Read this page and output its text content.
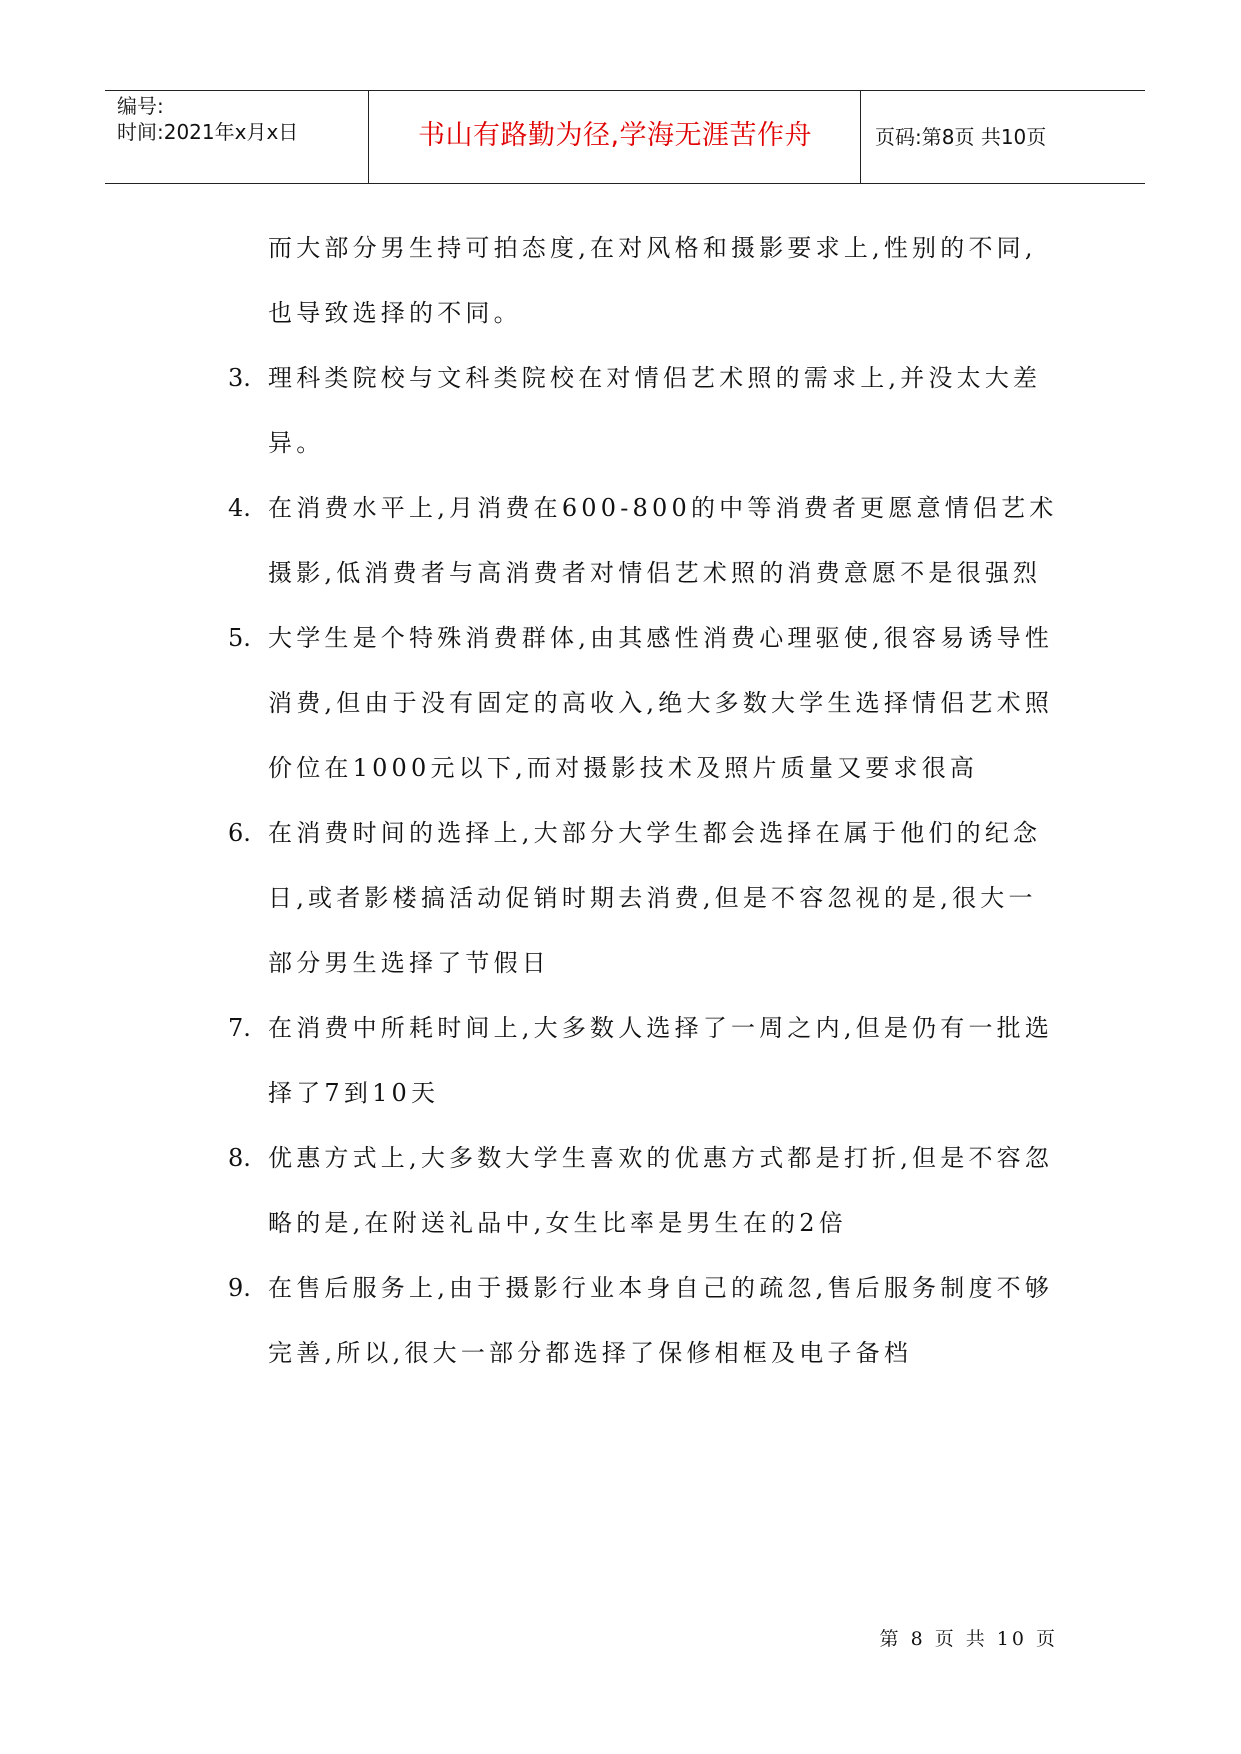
编号:
时间:2021年x月x日	书山有路勤为径,学海无涯苦作舟	页码:第8页 共10页

而大部分男生持可拍态度,在对风格和摄影要求上,性别的不同,也导致选择的不同。

3. 理科类院校与文科类院校在对情侣艺术照的需求上,并没太大差异。

4. 在消费水平上,月消费在600-800的中等消费者更愿意情侣艺术摄影,低消费者与高消费者对情侣艺术照的消费意愿不是很强烈

5. 大学生是个特殊消费群体,由其感性消费心理驱使,很容易诱导性消费,但由于没有固定的高收入,绝大多数大学生选择情侣艺术照价位在1000元以下,而对摄影技术及照片质量又要求很高

6. 在消费时间的选择上,大部分大学生都会选择在属于他们的纪念日,或者影楼搞活动促销时期去消费,但是不容忽视的是,很大一部分男生选择了节假日

7. 在消费中所耗时间上,大多数人选择了一周之内,但是仍有一批选择了7到10天

8. 优惠方式上,大多数大学生喜欢的优惠方式都是打折,但是不容忽略的是,在附送礼品中,女生比率是男生在的2倍

9. 在售后服务上,由于摄影行业本身自己的疏忽,售后服务制度不够完善,所以,很大一部分都选择了保修相框及电子备档

第 8 页 共 10 页
